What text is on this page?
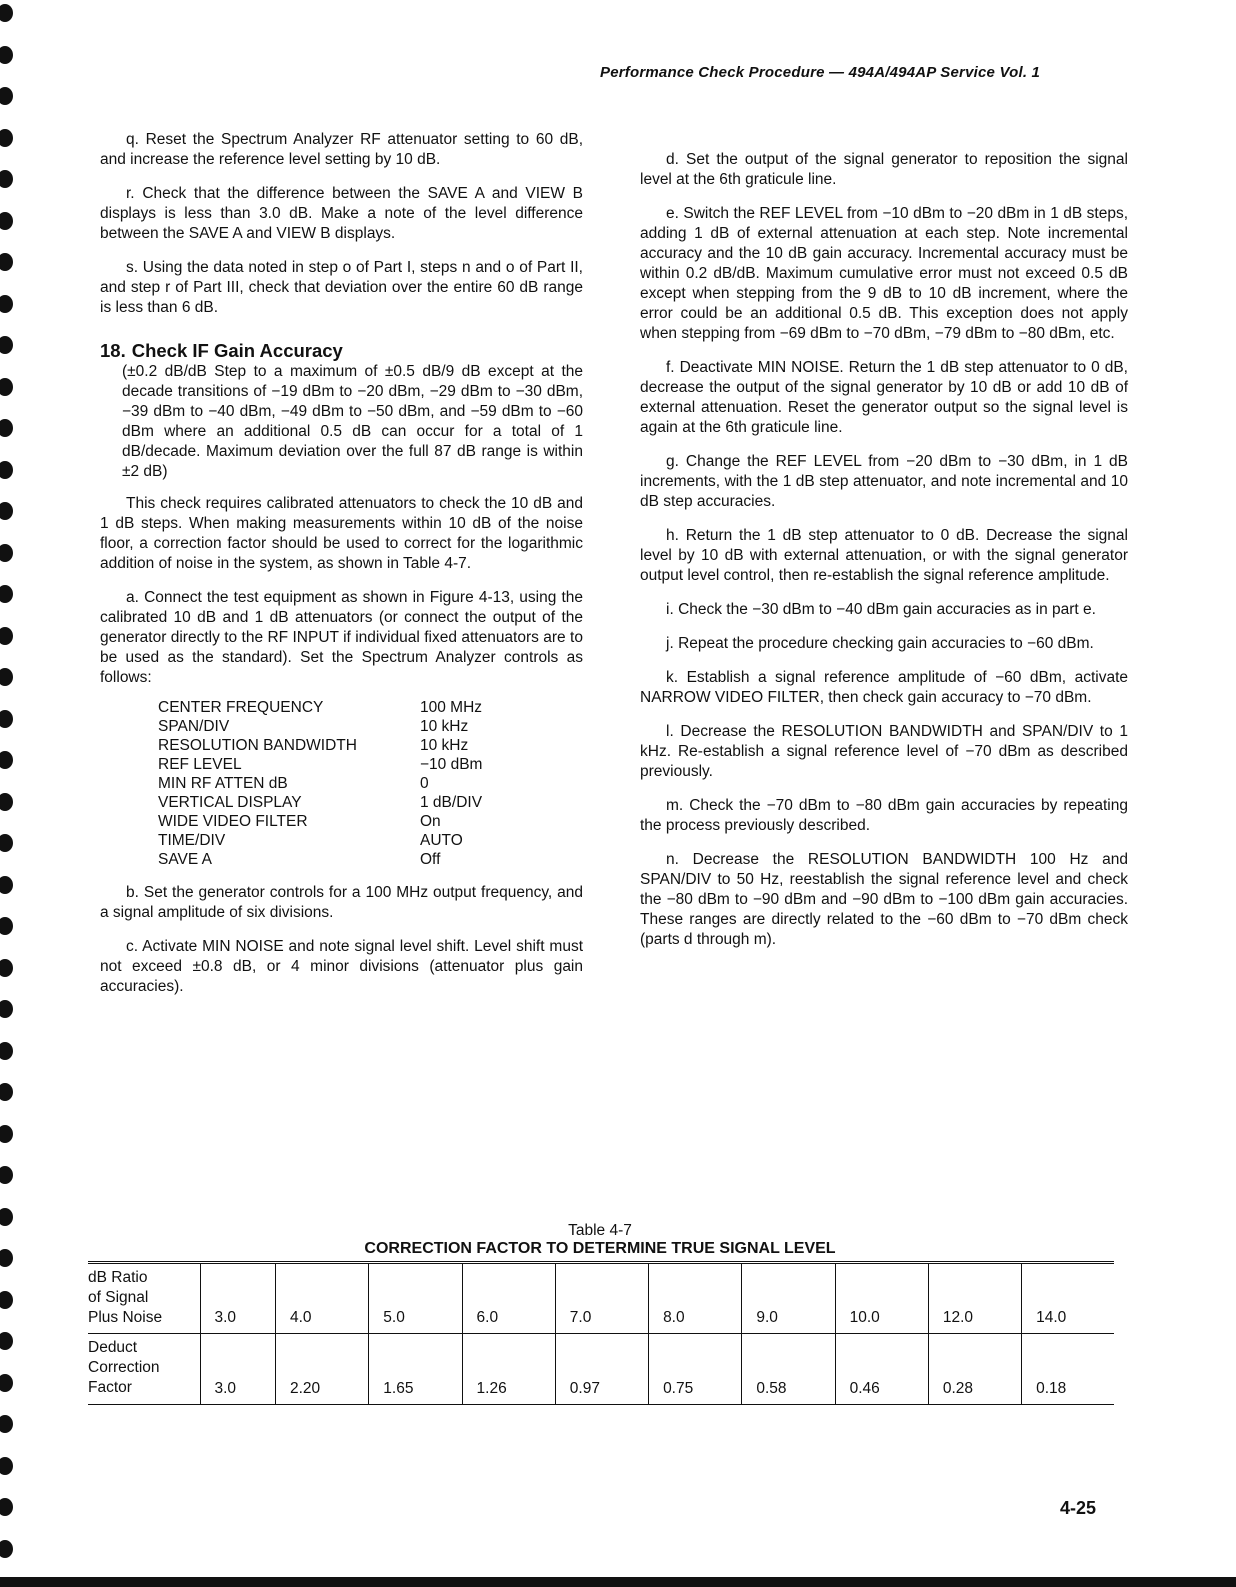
Performance Check Procedure — 494A/494AP Service Vol. 1

q. Reset the Spectrum Analyzer RF attenuator setting to 60 dB, and increase the reference level setting by 10 dB.

r. Check that the difference between the SAVE A and VIEW B displays is less than 3.0 dB. Make a note of the level difference between the SAVE A and VIEW B displays.

s. Using the data noted in step o of Part I, steps n and o of Part II, and step r of Part III, check that deviation over the entire 60 dB range is less than 6 dB.

18. Check IF Gain Accuracy

(±0.2 dB/dB Step to a maximum of ±0.5 dB/9 dB except at the decade transitions of −19 dBm to −20 dBm, −29 dBm to −30 dBm, −39 dBm to −40 dBm, −49 dBm to −50 dBm, and −59 dBm to −60 dBm where an additional 0.5 dB can occur for a total of 1 dB/decade. Maximum deviation over the full 87 dB range is within ±2 dB)

This check requires calibrated attenuators to check the 10 dB and 1 dB steps. When making measurements within 10 dB of the noise floor, a correction factor should be used to correct for the logarithmic addition of noise in the system, as shown in Table 4-7.

a. Connect the test equipment as shown in Figure 4-13, using the calibrated 10 dB and 1 dB attenuators (or connect the output of the generator directly to the RF INPUT if individual fixed attenuators are to be used as the standard). Set the Spectrum Analyzer controls as follows:

CENTER FREQUENCY	100 MHz
SPAN/DIV	10 kHz
RESOLUTION BANDWIDTH	10 kHz
REF LEVEL	−10 dBm
MIN RF ATTEN dB	0
VERTICAL DISPLAY	1 dB/DIV
WIDE VIDEO FILTER	On
TIME/DIV	AUTO
SAVE A	Off

b. Set the generator controls for a 100 MHz output frequency, and a signal amplitude of six divisions.

c. Activate MIN NOISE and note signal level shift. Level shift must not exceed ±0.8 dB, or 4 minor divisions (attenuator plus gain accuracies).

d. Set the output of the signal generator to reposition the signal level at the 6th graticule line.

e. Switch the REF LEVEL from −10 dBm to −20 dBm in 1 dB steps, adding 1 dB of external attenuation at each step. Note incremental accuracy and the 10 dB gain accuracy. Incremental accuracy must be within 0.2 dB/dB. Maximum cumulative error must not exceed 0.5 dB except when stepping from the 9 dB to 10 dB increment, where the error could be an additional 0.5 dB. This exception does not apply when stepping from −69 dBm to −70 dBm, −79 dBm to −80 dBm, etc.

f. Deactivate MIN NOISE. Return the 1 dB step attenuator to 0 dB, decrease the output of the signal generator by 10 dB or add 10 dB of external attenuation. Reset the generator output so the signal level is again at the 6th graticule line.

g. Change the REF LEVEL from −20 dBm to −30 dBm, in 1 dB increments, with the 1 dB step attenuator, and note incremental and 10 dB step accuracies.

h. Return the 1 dB step attenuator to 0 dB. Decrease the signal level by 10 dB with external attenuation, or with the signal generator output level control, then re-establish the signal reference amplitude.

i. Check the −30 dBm to −40 dBm gain accuracies as in part e.

j. Repeat the procedure checking gain accuracies to −60 dBm.

k. Establish a signal reference amplitude of −60 dBm, activate NARROW VIDEO FILTER, then check gain accuracy to −70 dBm.

l. Decrease the RESOLUTION BANDWIDTH and SPAN/DIV to 1 kHz. Re-establish a signal reference level of −70 dBm as described previously.

m. Check the −70 dBm to −80 dBm gain accuracies by repeating the process previously described.

n. Decrease the RESOLUTION BANDWIDTH 100 Hz and SPAN/DIV to 50 Hz, reestablish the signal reference level and check the −80 dBm to −90 dBm and −90 dBm to −100 dBm gain accuracies. These ranges are directly related to the −60 dBm to −70 dBm check (parts d through m).

Table 4-7
CORRECTION FACTOR TO DETERMINE TRUE SIGNAL LEVEL
dB Ratio
of Signal
Plus Noise	3.0	4.0	5.0	6.0	7.0	8.0	9.0	10.0	12.0	14.0

Deduct
Correction
Factor	3.0	2.20	1.65	1.26	0.97	0.75	0.58	0.46	0.28	0.18
4-25
